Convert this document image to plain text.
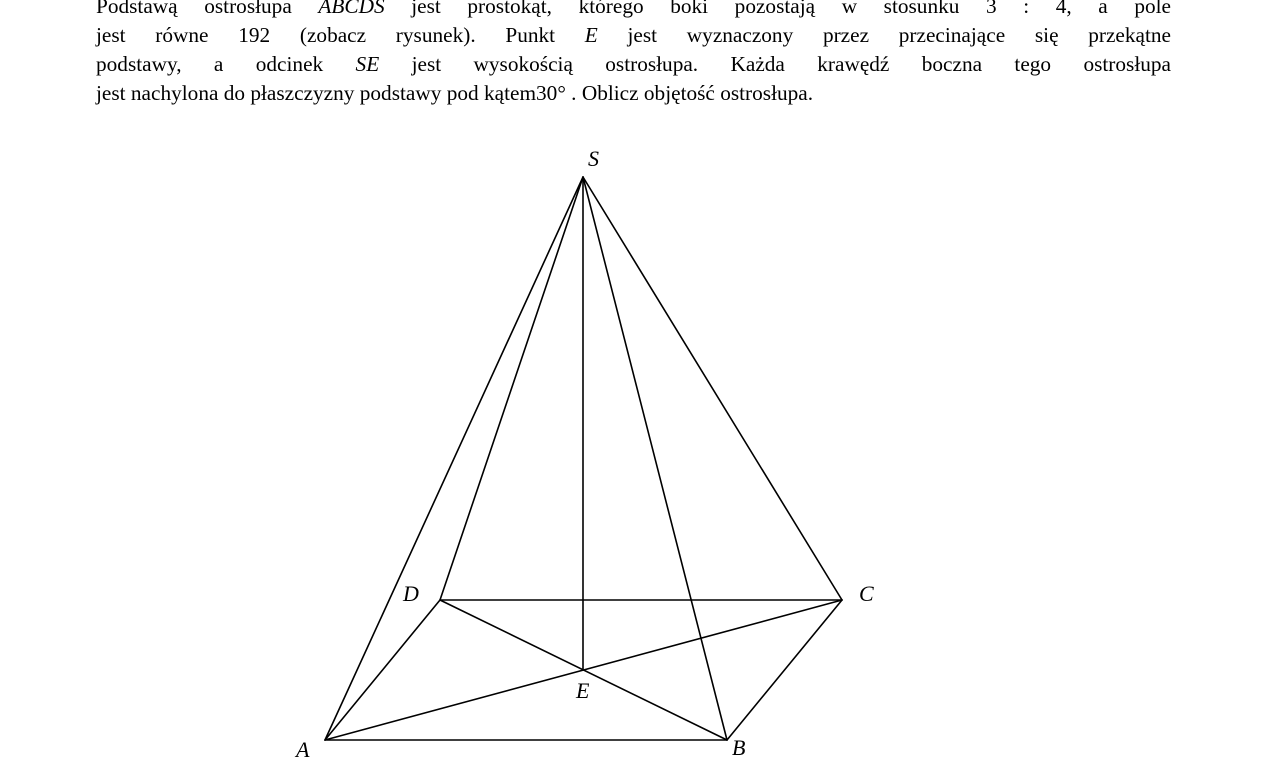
Podstawą ostrosłupa ABCDS jest prostokąt, którego boki pozostają w stosunku 3 : 4, a pole
jest równe 192 (zobacz rysunek). Punkt E jest wyznaczony przez przecinające się przekątne
podstawy, a odcinek SE jest wysokością ostrosłupa. Każda krawędź boczna tego ostrosłupa
jest nachylona do płaszczyzny podstawy pod kątem30° . Oblicz objętość ostrosłupa.
S
D	C
E
A	B
